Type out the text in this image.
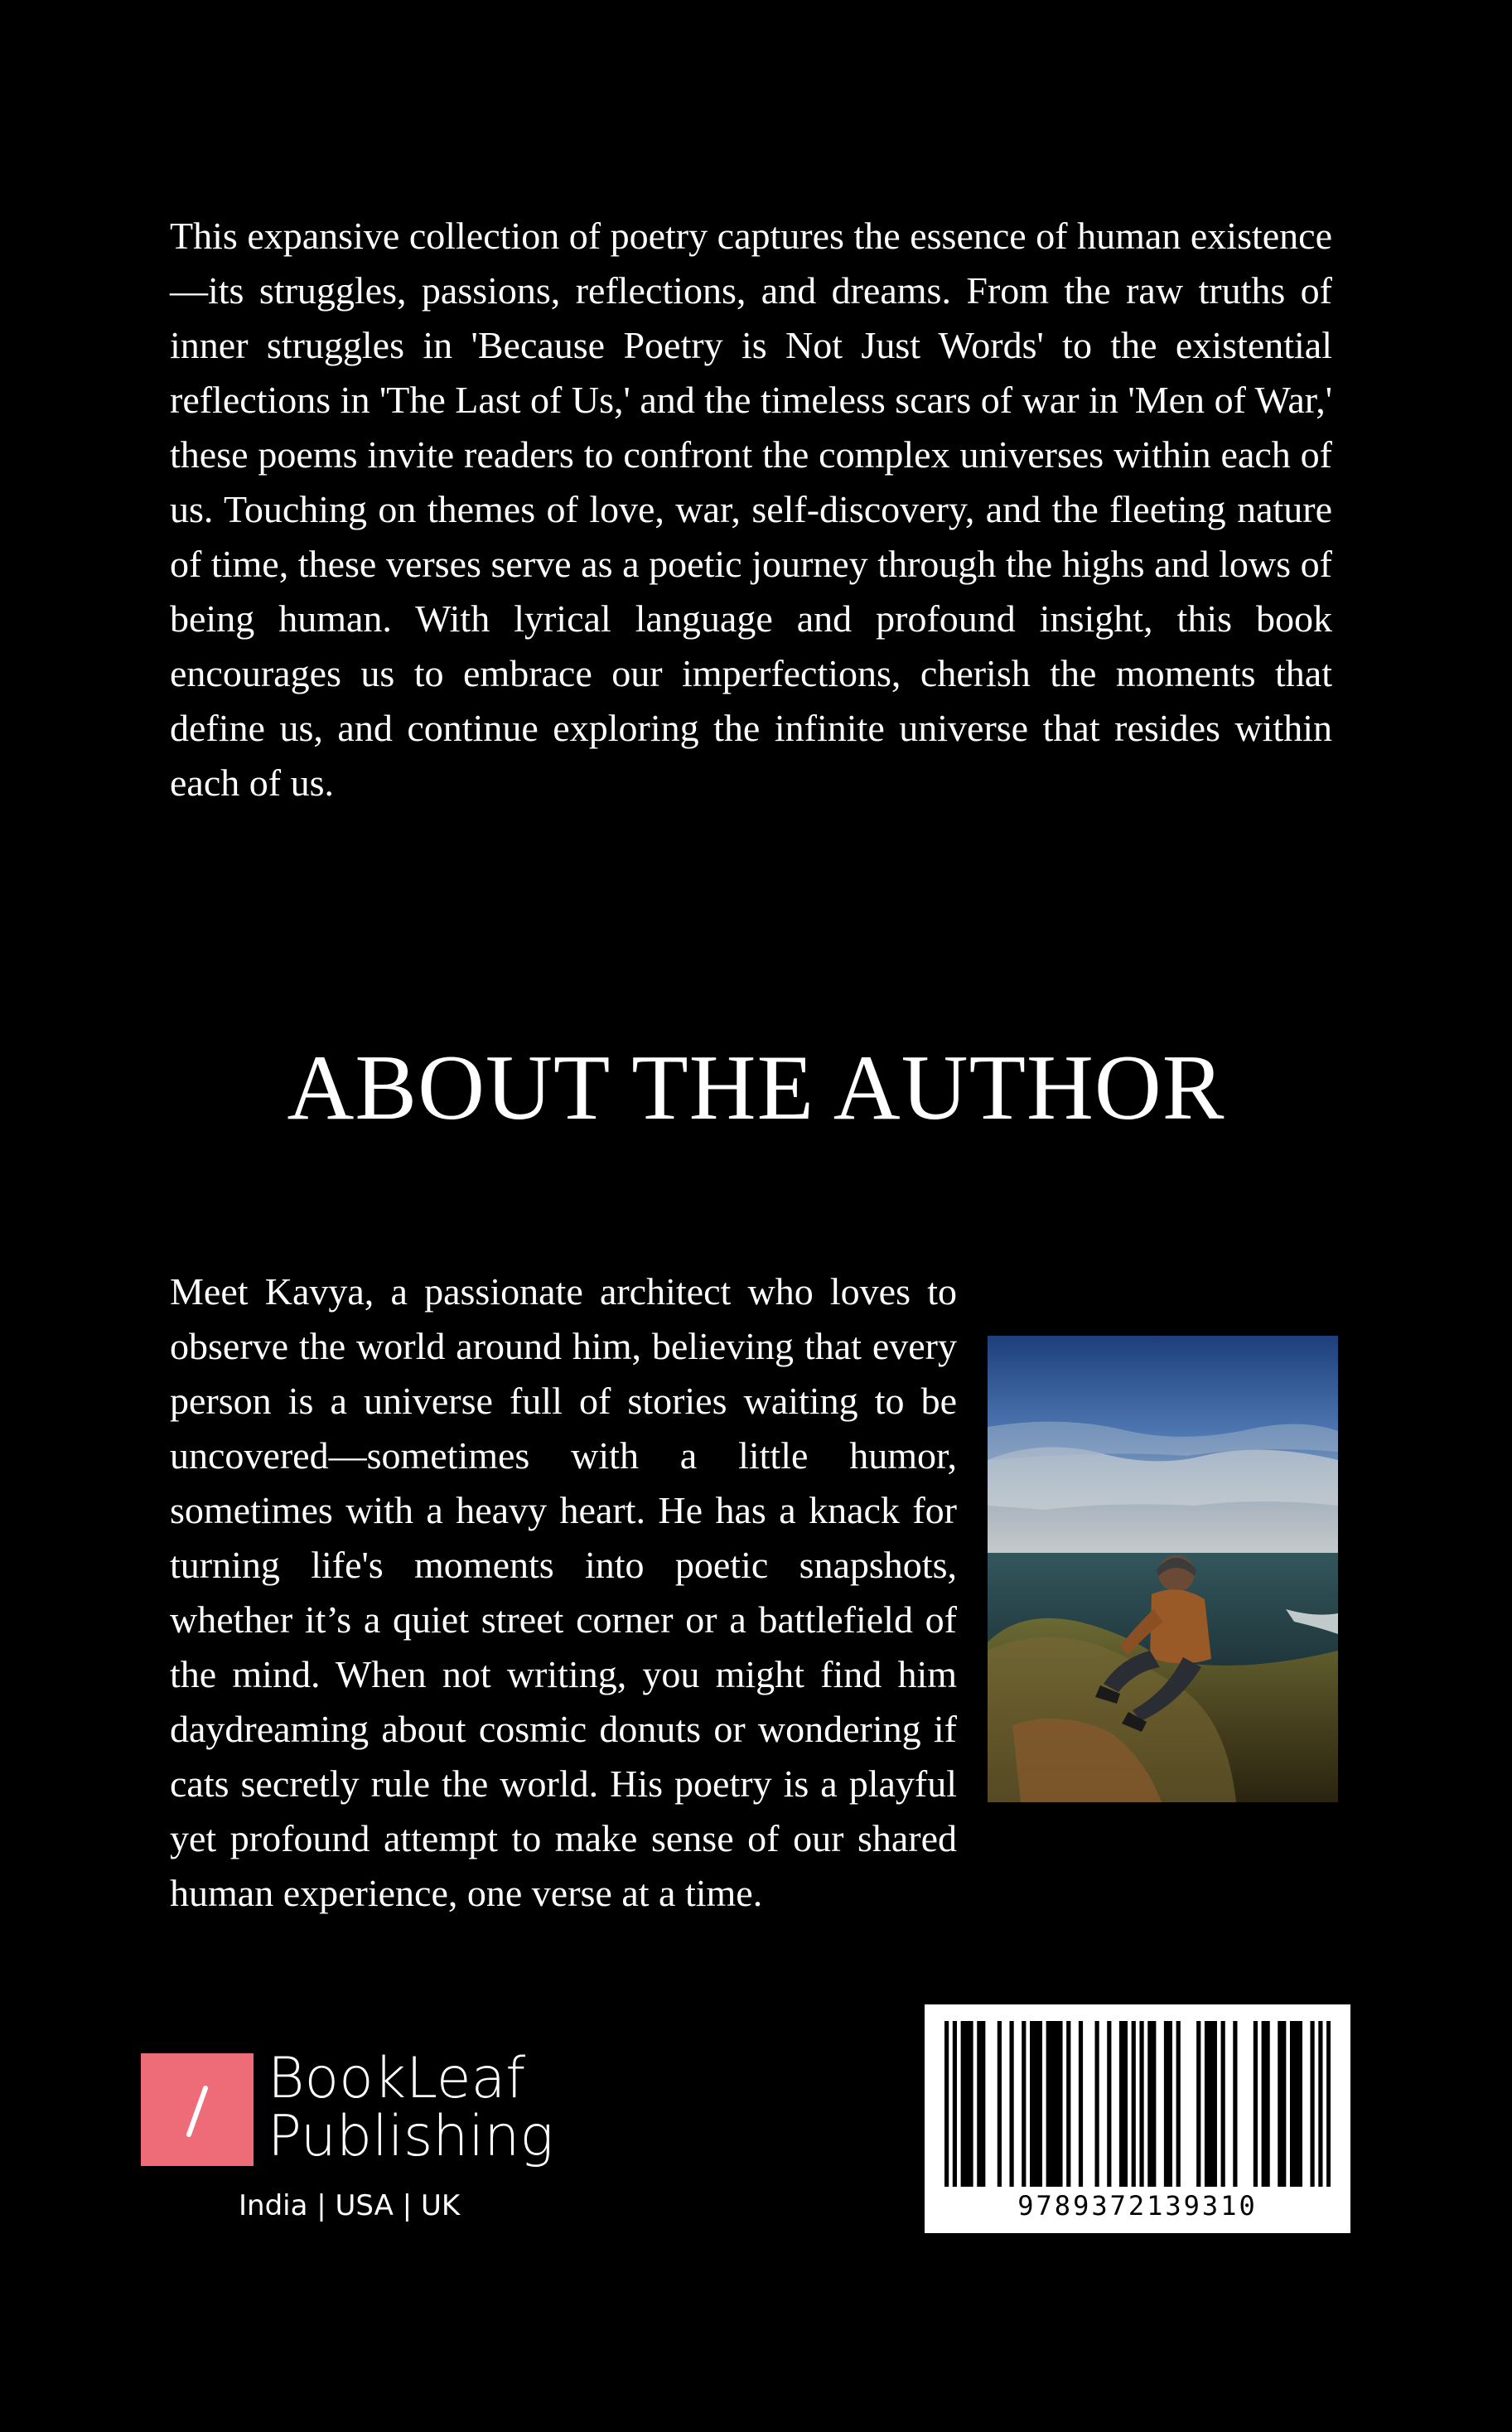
This expansive collection of poetry captures the essence of human existence—its struggles, passions, reflections, and dreams. From the raw truths of inner struggles in 'Because Poetry is Not Just Words' to the existential reflections in 'The Last of Us,' and the timeless scars of war in 'Men of War,' these poems invite readers to confront the complex universes within each of us. Touching on themes of love, war, self-discovery, and the fleeting nature of time, these verses serve as a poetic journey through the highs and lows of being human. With lyrical language and profound insight, this book encourages us to embrace our imperfections, cherish the moments that define us, and continue exploring the infinite universe that resides within each of us.

ABOUT THE AUTHOR

Meet Kavya, a passionate architect who loves to observe the world around him, believing that every person is a universe full of stories waiting to be uncovered—sometimes with a little humor, sometimes with a heavy heart. He has a knack for turning life's moments into poetic snapshots, whether it’s a quiet street corner or a battlefield of the mind. When not writing, you might find him daydreaming about cosmic donuts or wondering if cats secretly rule the world. His poetry is a playful yet profound attempt to make sense of our shared human experience, one verse at a time.

BookLeaf
Publishing
India | USA | UK	9789372139310
